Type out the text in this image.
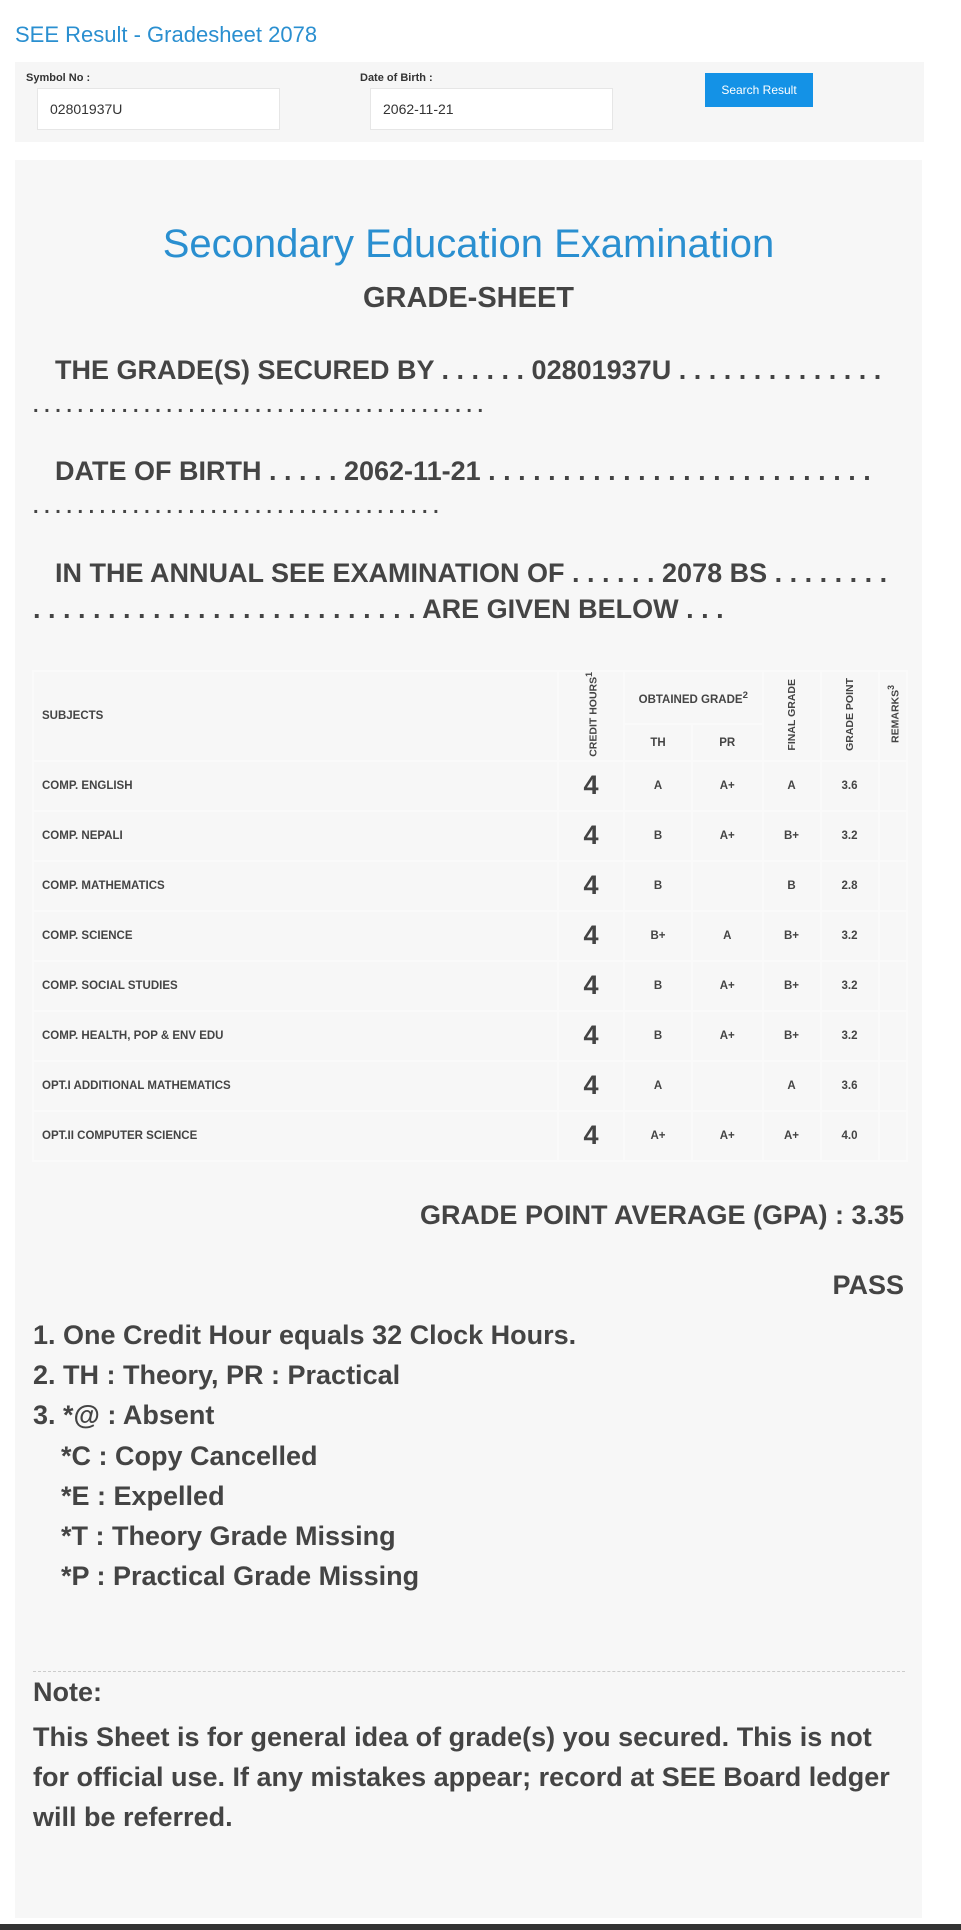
SEE Result - Gradesheet 2078
Symbol No :
02801937U
Date of Birth :
2062-11-21
Search Result
Secondary Education Examination
GRADE-SHEET
THE GRADE(S) SECURED BY . . . . . . 02801937U . . . . . . . . . . . . . .
. . . . . . . . . . . . . . . . . . . . . . . . . . . . . . . . . . . . . . . . .
DATE OF BIRTH . . . . . 2062-11-21 . . . . . . . . . . . . . . . . . . . . . . . . . .
. . . . . . . . . . . . . . . . . . . . . . . . . . . . . . . . . . . . .
IN THE ANNUAL SEE EXAMINATION OF . . . . . . 2078 BS . . . . . . . .
. . . . . . . . . . . . . . . . . . . . . . . . . . ARE GIVEN BELOW . . .
SUBJECTS	CREDIT HOURS$^1$	OBTAINED GRADE$^2$		FINAL GRADE	GRADE POINT	REMARKS$^3$
		TH	PR			
COMP. ENGLISH	4	A	A+	A	3.6	
COMP. NEPALI	4	B	A+	B+	3.2	
COMP. MATHEMATICS	4	B		B	2.8	
COMP. SCIENCE	4	B+	A	B+	3.2	
COMP. SOCIAL STUDIES	4	B	A+	B+	3.2	
COMP. HEALTH, POP & ENV EDU	4	B	A+	B+	3.2	
OPT.I ADDITIONAL MATHEMATICS	4	A		A	3.6	
OPT.II COMPUTER SCIENCE	4	A+	A+	A+	4.0	
GRADE POINT AVERAGE (GPA) : 3.35
PASS
1. One Credit Hour equals 32 Clock Hours.
2. TH : Theory, PR : Practical
3. *@ : Absent
*C : Copy Cancelled
*E : Expelled
*T : Theory Grade Missing
*P : Practical Grade Missing
Note:
This Sheet is for general idea of grade(s) you secured. This is not for official use. If any mistakes appear; record at SEE Board ledger will be referred.
